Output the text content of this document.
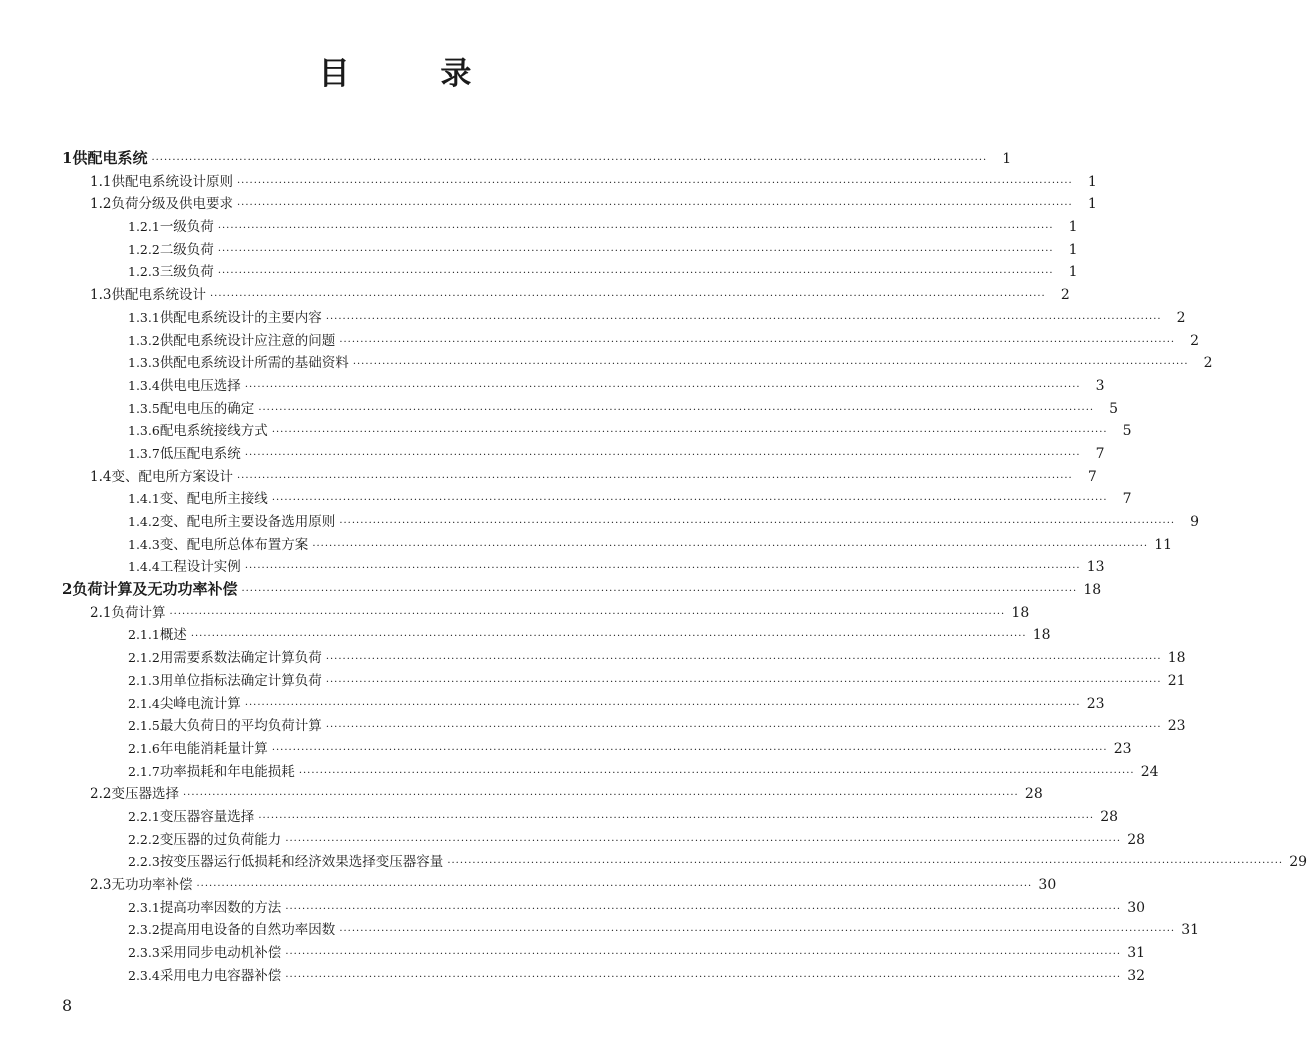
目 录
1 供配电系统 ········································································································································································································	1
1.1 供配电系统设计原则 ········································································································································································································	1
1.2 负荷分级及供电要求 ········································································································································································································	1
1.2.1 一级负荷 ········································································································································································································	1
1.2.2 二级负荷 ········································································································································································································	1
1.2.3 三级负荷 ········································································································································································································	1
1.3 供配电系统设计 ········································································································································································································	2
1.3.1 供配电系统设计的主要内容 ········································································································································································································	2
1.3.2 供配电系统设计应注意的问题 ········································································································································································································	2
1.3.3 供配电系统设计所需的基础资料 ········································································································································································································	2
1.3.4 供电电压选择 ········································································································································································································	3
1.3.5 配电电压的确定 ········································································································································································································	5
1.3.6 配电系统接线方式 ········································································································································································································	5
1.3.7 低压配电系统 ········································································································································································································	7
1.4 变、配电所方案设计 ········································································································································································································	7
1.4.1 变、配电所主接线 ········································································································································································································	7
1.4.2 变、配电所主要设备选用原则 ········································································································································································································	9
1.4.3 变、配电所总体布置方案 ········································································································································································································ 11
1.4.4 工程设计实例 ········································································································································································································ 13
2 负荷计算及无功功率补偿 ········································································································································································································ 18
2.1 负荷计算 ········································································································································································································ 18
2.1.1 概述 ········································································································································································································ 18
2.1.2 用需要系数法确定计算负荷 ········································································································································································································ 18
2.1.3 用单位指标法确定计算负荷 ········································································································································································································ 21
2.1.4 尖峰电流计算 ········································································································································································································ 23
2.1.5 最大负荷日的平均负荷计算 ········································································································································································································ 23
2.1.6 年电能消耗量计算 ········································································································································································································ 23
2.1.7 功率损耗和年电能损耗 ········································································································································································································ 24
2.2 变压器选择 ········································································································································································································ 28
2.2.1 变压器容量选择 ········································································································································································································ 28
2.2.2 变压器的过负荷能力 ········································································································································································································ 28
2.2.3 按变压器运行低损耗和经济效果选择变压器容量 ········································································································································································································ 29
2.3 无功功率补偿 ········································································································································································································ 30
2.3.1 提高功率因数的方法 ········································································································································································································ 30
2.3.2 提高用电设备的自然功率因数 ········································································································································································································ 31
2.3.3 采用同步电动机补偿 ········································································································································································································ 31
2.3.4 采用电力电容器补偿 ········································································································································································································ 32
8
